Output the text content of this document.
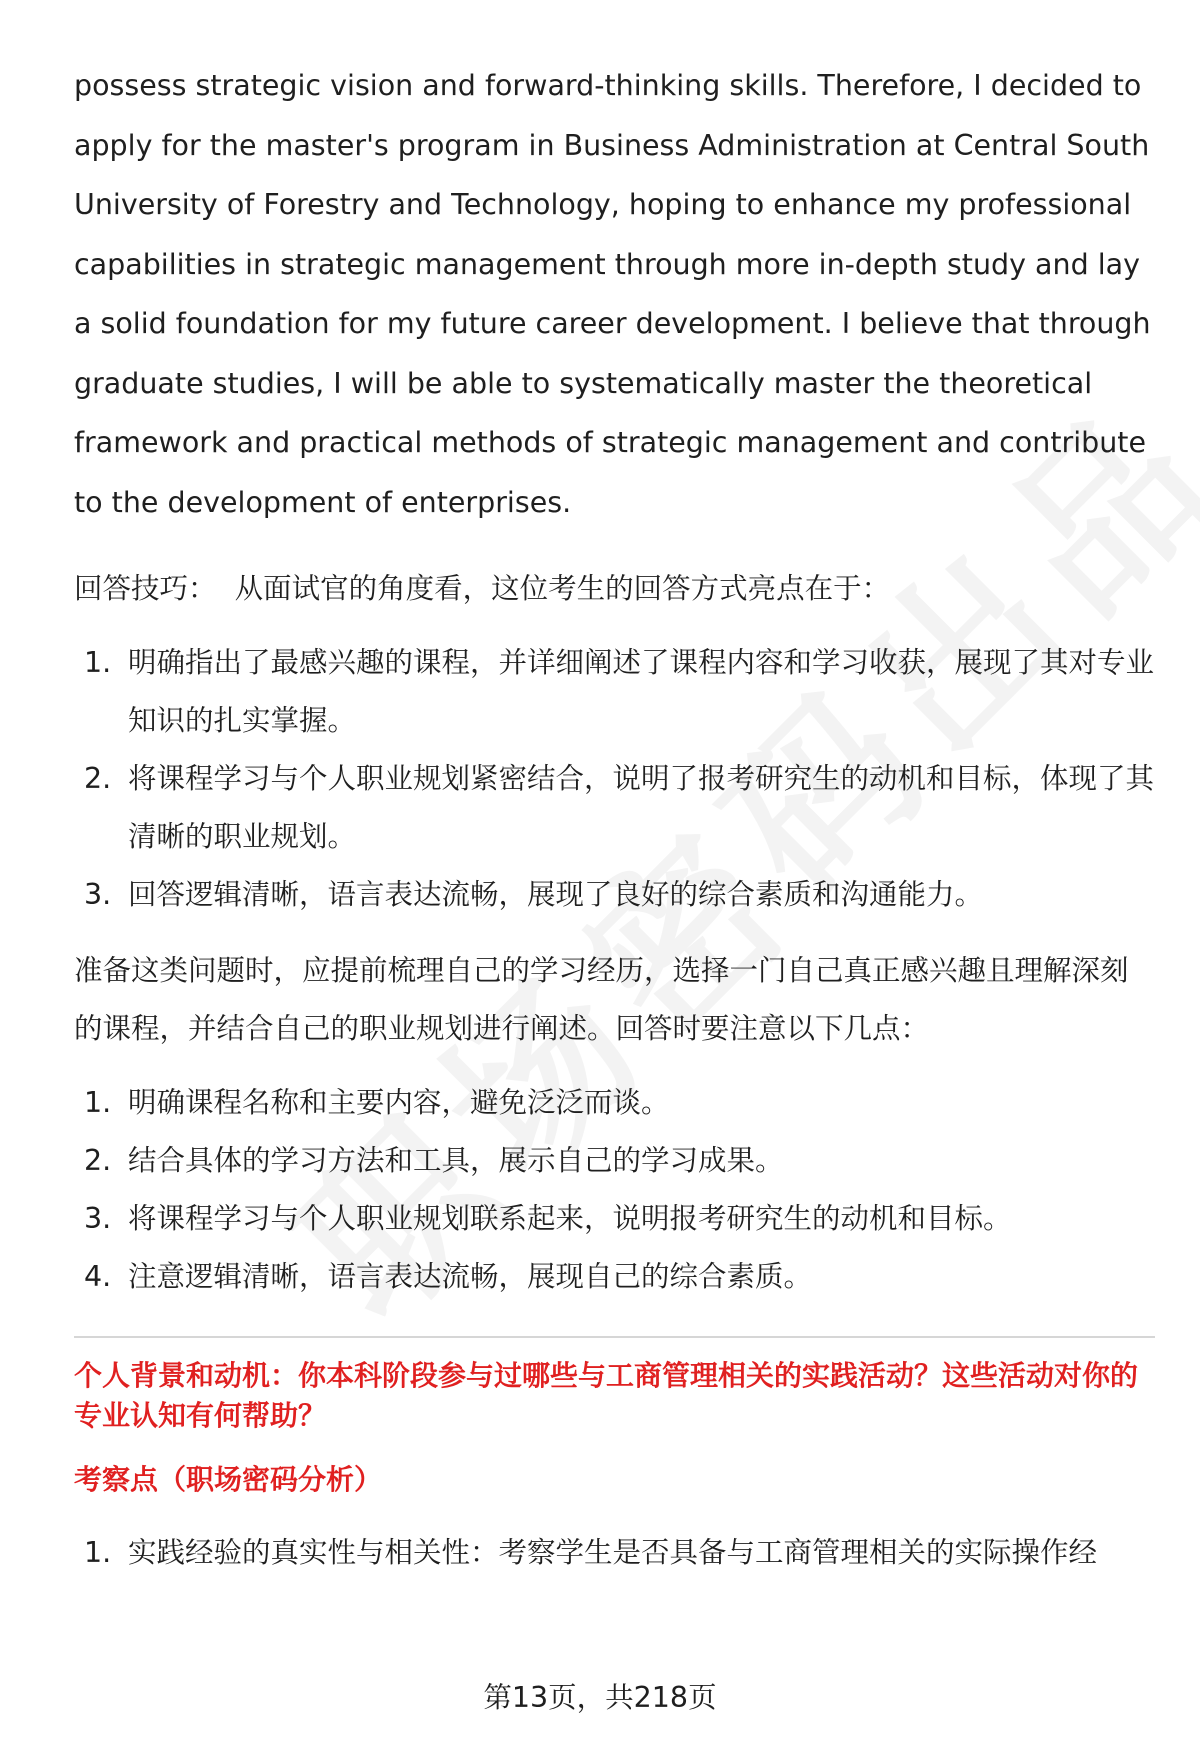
possess strategic vision and forward-thinking skills. Therefore, I decided to
apply for the master's program in Business Administration at Central South
University of Forestry and Technology, hoping to enhance my professional
capabilities in strategic management through more in-depth study and lay
a solid foundation for my future career development. I believe that through
graduate studies, I will be able to systematically master the theoretical
framework and practical methods of strategic management and contribute
to the development of enterprises.

回答技巧： 从面试官的角度看，这位考生的回答方式亮点在于：

1. 明确指出了最感兴趣的课程，并详细阐述了课程内容和学习收获，展现了其对专业知识的扎实掌握。
2. 将课程学习与个人职业规划紧密结合，说明了报考研究生的动机和目标，体现了其清晰的职业规划。
3. 回答逻辑清晰，语言表达流畅，展现了良好的综合素质和沟通能力。

准备这类问题时，应提前梳理自己的学习经历，选择一门自己真正感兴趣且理解深刻的课程，并结合自己的职业规划进行阐述。回答时要注意以下几点：

1. 明确课程名称和主要内容，避免泛泛而谈。
2. 结合具体的学习方法和工具，展示自己的学习成果。
3. 将课程学习与个人职业规划联系起来，说明报考研究生的动机和目标。
4. 注意逻辑清晰，语言表达流畅，展现自己的综合素质。
个人背景和动机：你本科阶段参与过哪些与工商管理相关的实践活动？这些活动对你的专业认知有何帮助？
考察点（职场密码分析）
1. 实践经验的真实性与相关性：考察学生是否具备与工商管理相关的实际操作经
第13页，共218页
